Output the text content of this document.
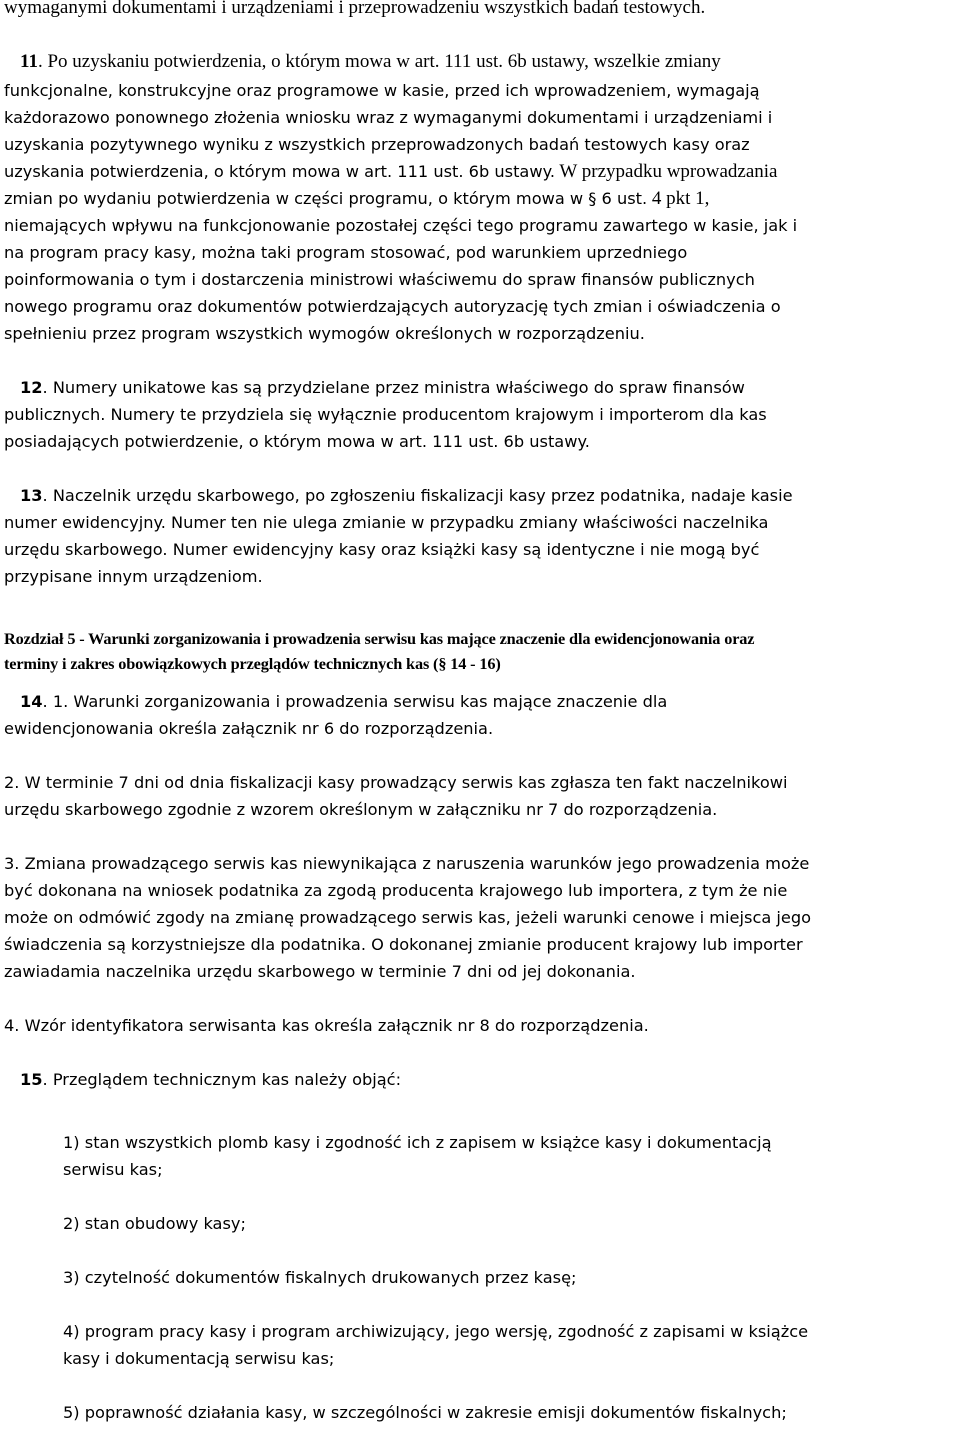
wymaganymi dokumentami i urządzeniami i przeprowadzeniu wszystkich badań testowych.
11. Po uzyskaniu potwierdzenia, o którym mowa w art. 111 ust. 6b ustawy, wszelkie zmiany
funkcjonalne, konstrukcyjne oraz programowe w kasie, przed ich wprowadzeniem, wymagają
każdorazowo ponownego złożenia wniosku wraz z wymaganymi dokumentami i urządzeniami i
uzyskania pozytywnego wyniku z wszystkich przeprowadzonych badań testowych kasy oraz
uzyskania potwierdzenia, o którym mowa w art. 111 ust. 6b ustawy. W przypadku wprowadzania
zmian po wydaniu potwierdzenia w części programu, o którym mowa w § 6 ust. 4 pkt 1,
niemających wpływu na funkcjonowanie pozostałej części tego programu zawartego w kasie, jak i
na program pracy kasy, można taki program stosować, pod warunkiem uprzedniego
poinformowania o tym i dostarczenia ministrowi właściwemu do spraw finansów publicznych
nowego programu oraz dokumentów potwierdzających autoryzację tych zmian i oświadczenia o
spełnieniu przez program wszystkich wymogów określonych w rozporządzeniu.
12. Numery unikatowe kas są przydzielane przez ministra właściwego do spraw finansów
publicznych. Numery te przydziela się wyłącznie producentom krajowym i importerom dla kas
posiadających potwierdzenie, o którym mowa w art. 111 ust. 6b ustawy.
13. Naczelnik urzędu skarbowego, po zgłoszeniu fiskalizacji kasy przez podatnika, nadaje kasie
numer ewidencyjny. Numer ten nie ulega zmianie w przypadku zmiany właściwości naczelnika
urzędu skarbowego. Numer ewidencyjny kasy oraz książki kasy są identyczne i nie mogą być
przypisane innym urządzeniom.
Rozdział 5 - Warunki zorganizowania i prowadzenia serwisu kas mające znaczenie dla ewidencjonowania oraz
terminy i zakres obowiązkowych przeglądów technicznych kas (§ 14 - 16)
14. 1. Warunki zorganizowania i prowadzenia serwisu kas mające znaczenie dla
ewidencjonowania określa załącznik nr 6 do rozporządzenia.
2. W terminie 7 dni od dnia fiskalizacji kasy prowadzący serwis kas zgłasza ten fakt naczelnikowi
urzędu skarbowego zgodnie z wzorem określonym w załączniku nr 7 do rozporządzenia.
3. Zmiana prowadzącego serwis kas niewynikająca z naruszenia warunków jego prowadzenia może
być dokonana na wniosek podatnika za zgodą producenta krajowego lub importera, z tym że nie
może on odmówić zgody na zmianę prowadzącego serwis kas, jeżeli warunki cenowe i miejsca jego
świadczenia są korzystniejsze dla podatnika. O dokonanej zmianie producent krajowy lub importer
zawiadamia naczelnika urzędu skarbowego w terminie 7 dni od jej dokonania.
4. Wzór identyfikatora serwisanta kas określa załącznik nr 8 do rozporządzenia.
15. Przeglądem technicznym kas należy objąć:
1) stan wszystkich plomb kasy i zgodność ich z zapisem w książce kasy i dokumentacją
serwisu kas;
2) stan obudowy kasy;
3) czytelność dokumentów fiskalnych drukowanych przez kasę;
4) program pracy kasy i program archiwizujący, jego wersję, zgodność z zapisami w książce
kasy i dokumentacją serwisu kas;
5) poprawność działania kasy, w szczególności w zakresie emisji dokumentów fiskalnych;
